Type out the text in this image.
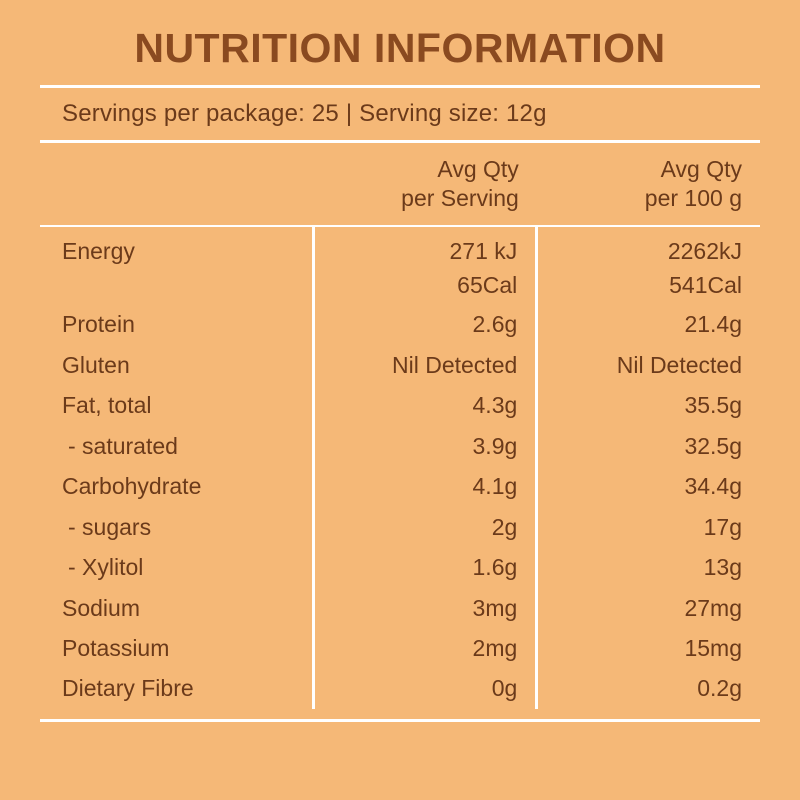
NUTRITION INFORMATION
Servings per package: 25 | Serving size: 12g

Avg Qty
per Serving

Avg Qty
per 100 g
Energy	271 kJ	2262kJ
	65Cal	541Cal
Protein	2.6g	21.4g
Gluten	Nil Detected	Nil Detected
Fat, total	4.3g	35.5g
- saturated	3.9g	32.5g
Carbohydrate	4.1g	34.4g
- sugars	2g	17g
- Xylitol	1.6g	13g
Sodium	3mg	27mg
Potassium	2mg	15mg
Dietary Fibre	0g	0.2g
